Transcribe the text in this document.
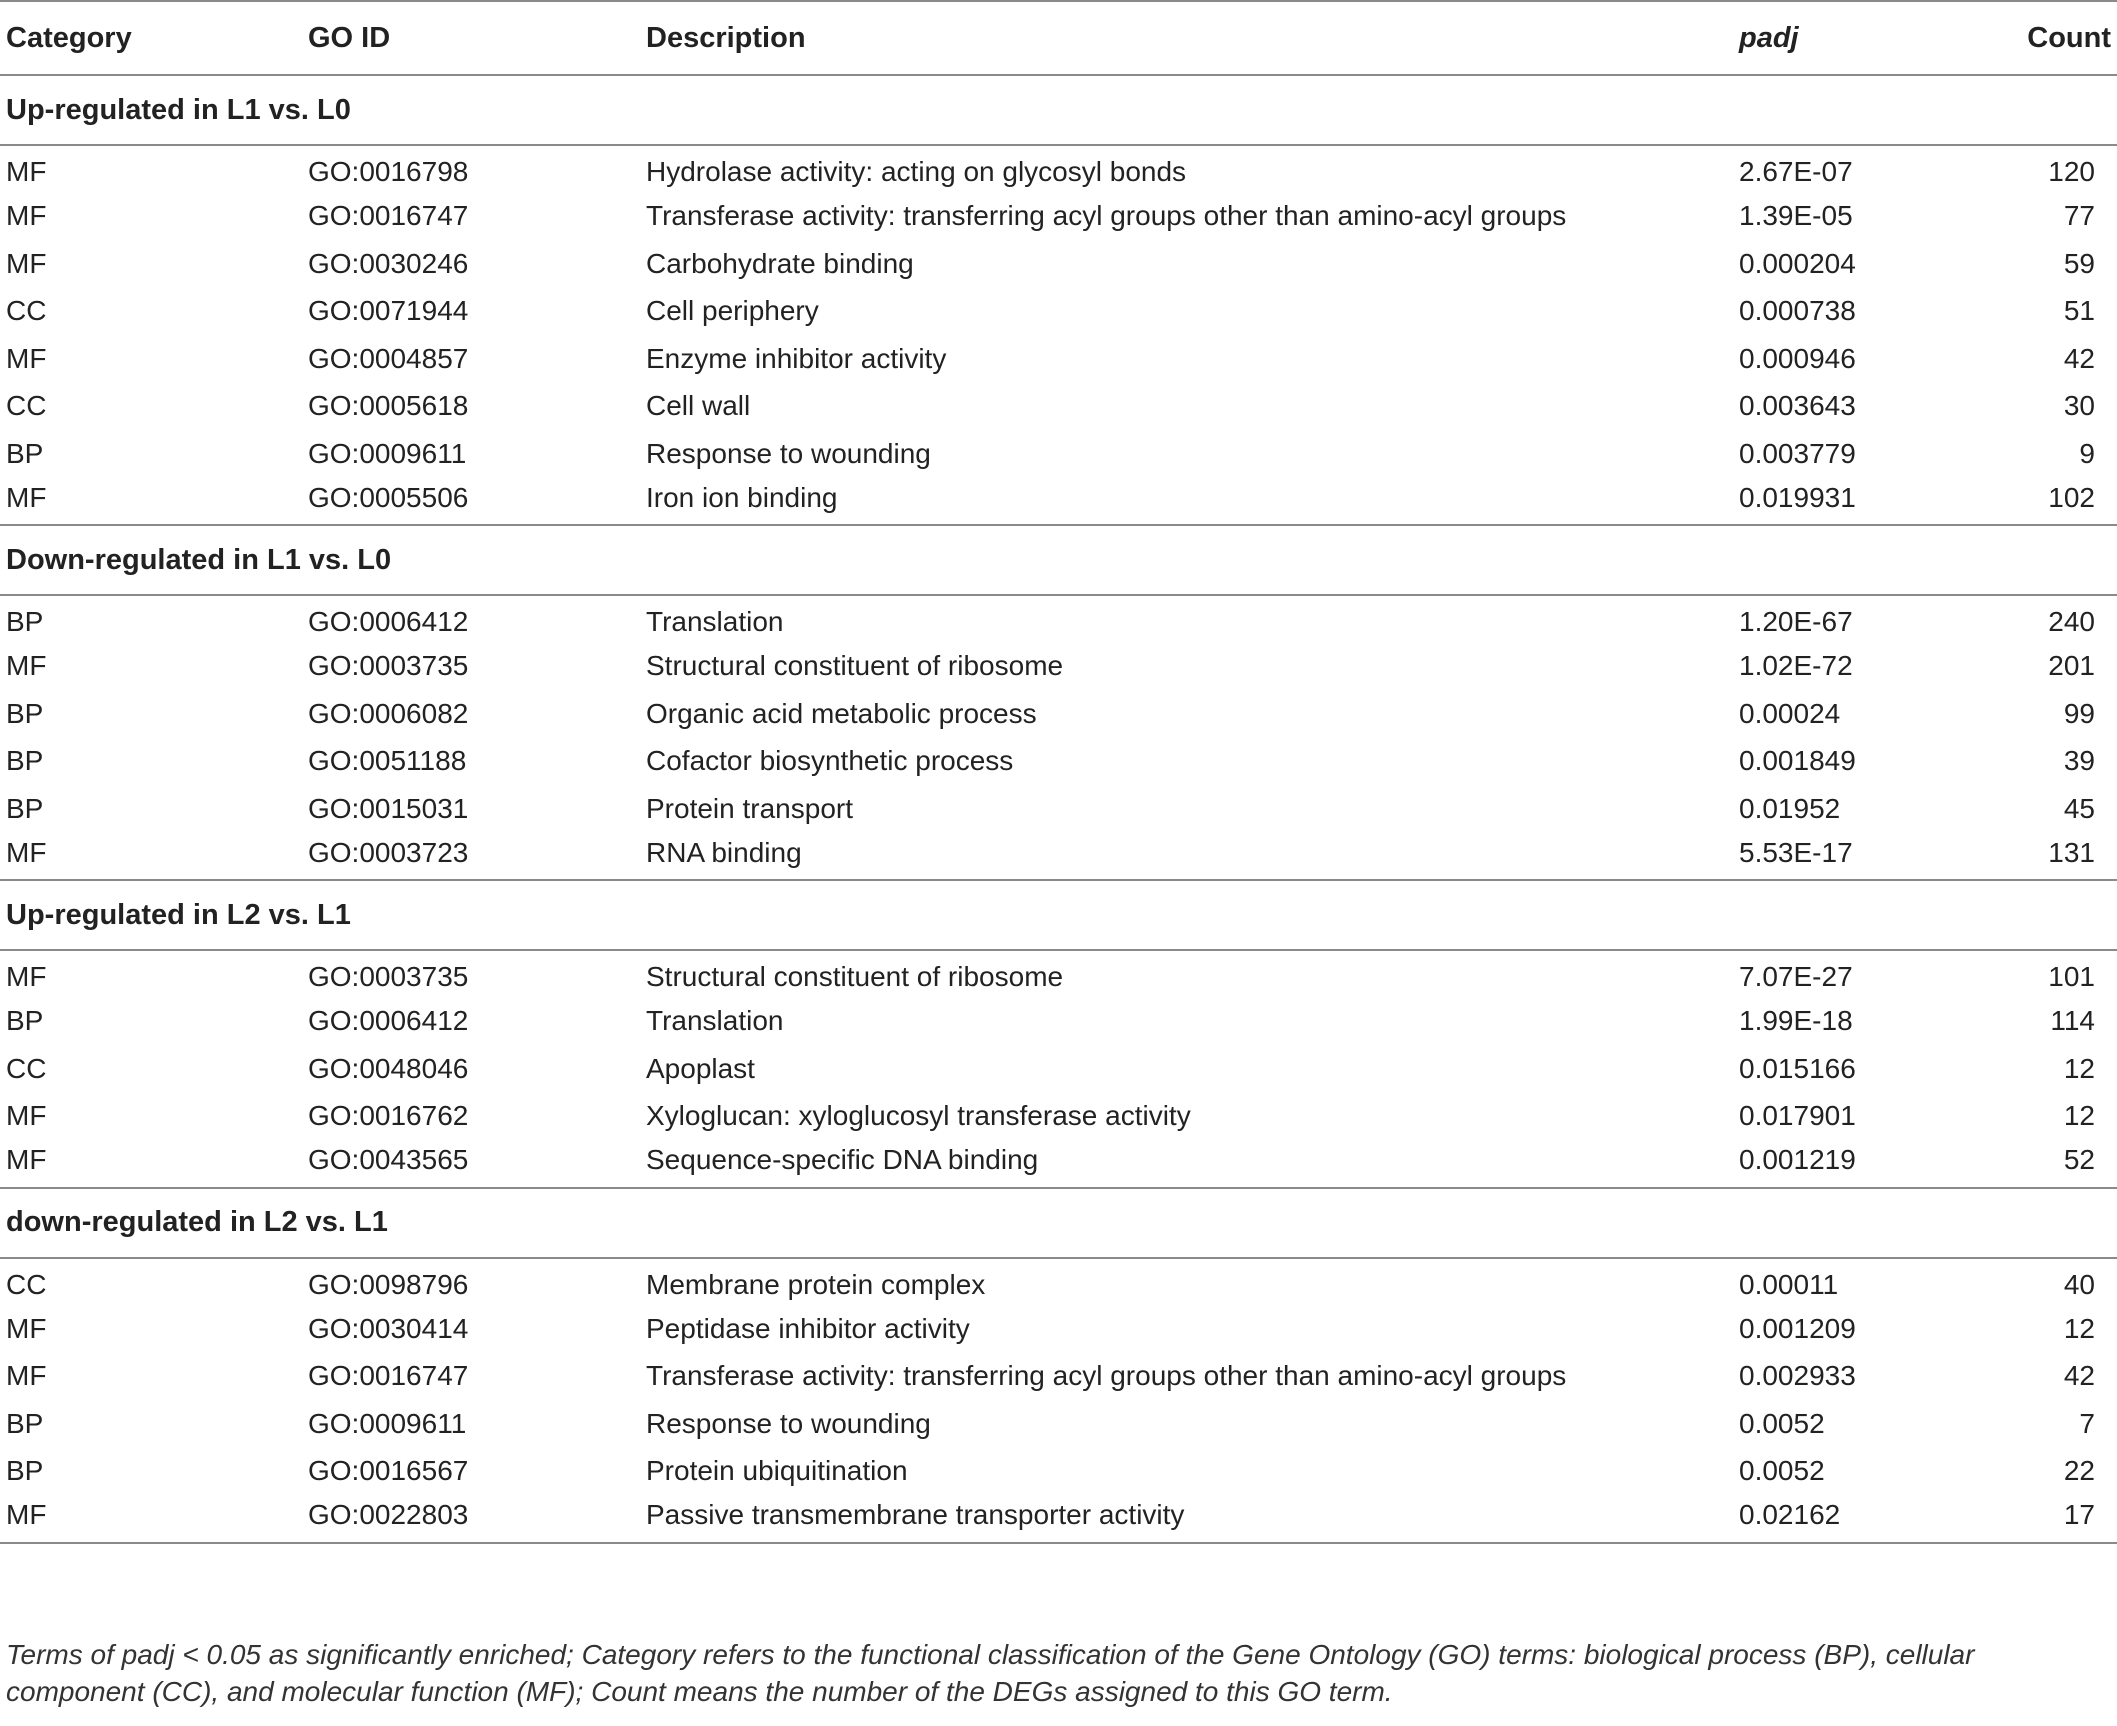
Category	GO ID	Description	padj	Count
Up-regulated in L1 vs. L0				
MF	GO:0016798	Hydrolase activity: acting on glycosyl bonds	2.67E-07	120
MF	GO:0016747	Transferase activity: transferring acyl groups other than amino-acyl groups	1.39E-05	77
MF	GO:0030246	Carbohydrate binding	0.000204	59
CC	GO:0071944	Cell periphery	0.000738	51
MF	GO:0004857	Enzyme inhibitor activity	0.000946	42
CC	GO:0005618	Cell wall	0.003643	30
BP	GO:0009611	Response to wounding	0.003779	9
MF	GO:0005506	Iron ion binding	0.019931	102
Down-regulated in L1 vs. L0				
BP	GO:0006412	Translation	1.20E-67	240
MF	GO:0003735	Structural constituent of ribosome	1.02E-72	201
BP	GO:0006082	Organic acid metabolic process	0.00024	99
BP	GO:0051188	Cofactor biosynthetic process	0.001849	39
BP	GO:0015031	Protein transport	0.01952	45
MF	GO:0003723	RNA binding	5.53E-17	131
Up-regulated in L2 vs. L1				
MF	GO:0003735	Structural constituent of ribosome	7.07E-27	101
BP	GO:0006412	Translation	1.99E-18	114
CC	GO:0048046	Apoplast	0.015166	12
MF	GO:0016762	Xyloglucan: xyloglucosyl transferase activity	0.017901	12
MF	GO:0043565	Sequence-specific DNA binding	0.001219	52
down-regulated in L2 vs. L1				
CC	GO:0098796	Membrane protein complex	0.00011	40
MF	GO:0030414	Peptidase inhibitor activity	0.001209	12
MF	GO:0016747	Transferase activity: transferring acyl groups other than amino-acyl groups	0.002933	42
BP	GO:0009611	Response to wounding	0.0052	7
BP	GO:0016567	Protein ubiquitination	0.0052	22
MF	GO:0022803	Passive transmembrane transporter activity	0.02162	17
Terms of padj < 0.05 as significantly enriched; Category refers to the functional classification of the Gene Ontology (GO) terms: biological process (BP), cellular component (CC), and molecular function (MF); Count means the number of the DEGs assigned to this GO term.
